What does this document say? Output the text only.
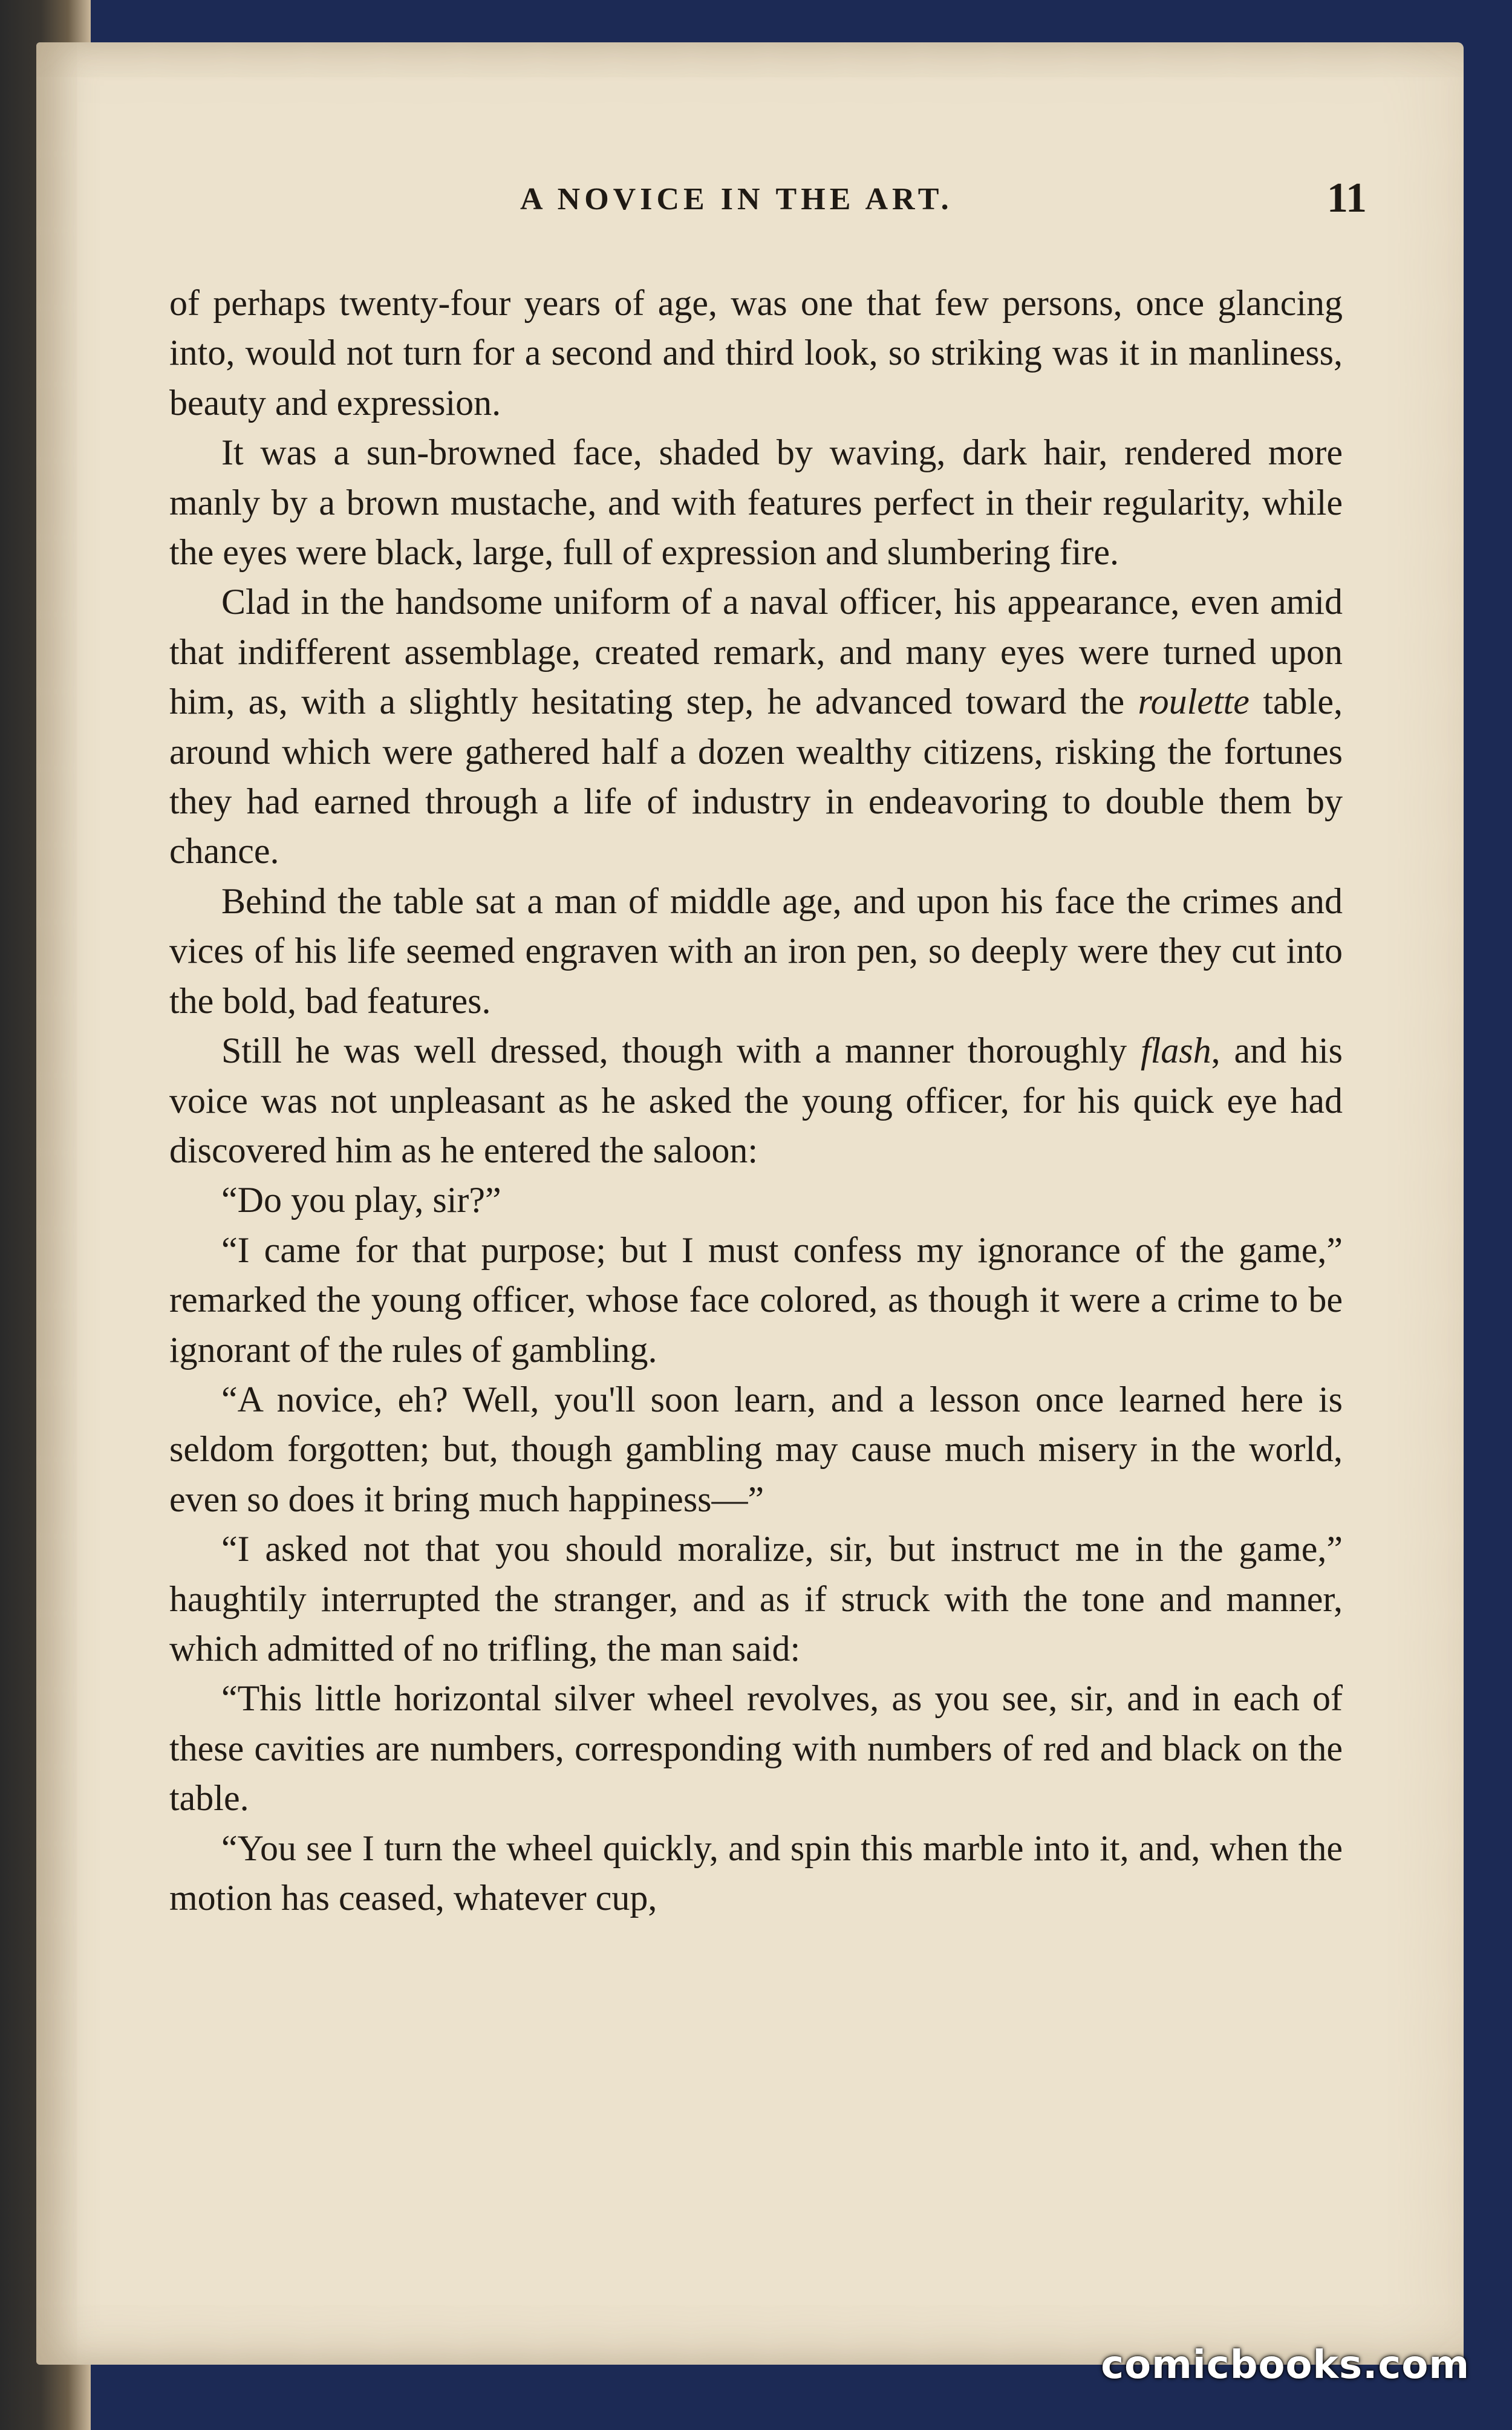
A NOVICE IN THE ART.	11

of perhaps twenty-four years of age, was one that few persons, once glancing into, would not turn for a second and third look, so striking was it in manliness, beauty and expression.

It was a sun-browned face, shaded by waving, dark hair, rendered more manly by a brown mustache, and with features perfect in their regularity, while the eyes were black, large, full of expression and slumbering fire.

Clad in the handsome uniform of a naval officer, his appearance, even amid that indifferent assemblage, created remark, and many eyes were turned upon him, as, with a slightly hesitating step, he advanced toward the roulette table, around which were gathered half a dozen wealthy citizens, risking the fortunes they had earned through a life of industry in endeavoring to double them by chance.

Behind the table sat a man of middle age, and upon his face the crimes and vices of his life seemed engraven with an iron pen, so deeply were they cut into the bold, bad features.

Still he was well dressed, though with a manner thoroughly flash, and his voice was not unpleasant as he asked the young officer, for his quick eye had discovered him as he entered the saloon:

“Do you play, sir?”

“I came for that purpose; but I must confess my ignorance of the game,” remarked the young officer, whose face colored, as though it were a crime to be ignorant of the rules of gambling.

“A novice, eh? Well, you'll soon learn, and a lesson once learned here is seldom forgotten; but, though gambling may cause much misery in the world, even so does it bring much happiness—”

“I asked not that you should moralize, sir, but instruct me in the game,” haughtily interrupted the stranger, and as if struck with the tone and manner, which admitted of no trifling, the man said:

“This little horizontal silver wheel revolves, as you see, sir, and in each of these cavities are numbers, corresponding with numbers of red and black on the table.

“You see I turn the wheel quickly, and spin this marble into it, and, when the motion has ceased, whatever cup,

comicbooks.com
